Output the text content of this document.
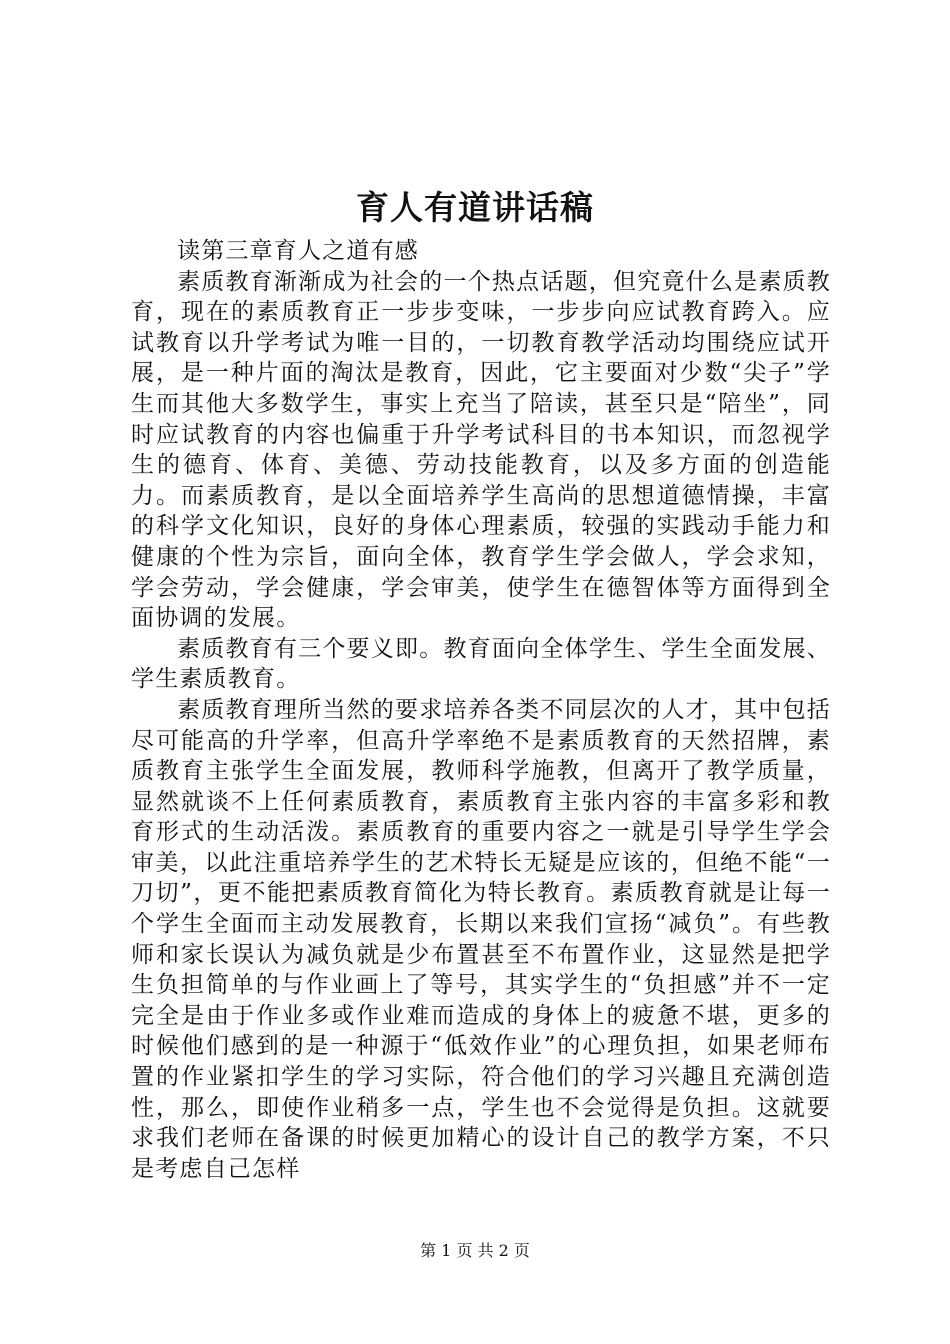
育人有道讲话稿

读第三章育人之道有感

素质教育渐渐成为社会的一个热点话题，但究竟什么是素质教育，现在的素质教育正一步步变味，一步步向应试教育跨入。应试教育以升学考试为唯一目的，一切教育教学活动均围绕应试开展，是一种片面的淘汰是教育，因此，它主要面对少数“尖子”学生而其他大多数学生，事实上充当了陪读，甚至只是“陪坐”，同时应试教育的内容也偏重于升学考试科目的书本知识，而忽视学生的德育、体育、美德、劳动技能教育，以及多方面的创造能力。而素质教育，是以全面培养学生高尚的思想道德情操，丰富的科学文化知识，良好的身体心理素质，较强的实践动手能力和健康的个性为宗旨，面向全体，教育学生学会做人，学会求知，学会劳动，学会健康，学会审美，使学生在德智体等方面得到全面协调的发展。

素质教育有三个要义即。教育面向全体学生、学生全面发展、学生素质教育。

素质教育理所当然的要求培养各类不同层次的人才，其中包括尽可能高的升学率，但高升学率绝不是素质教育的天然招牌，素质教育主张学生全面发展，教师科学施教，但离开了教学质量，显然就谈不上任何素质教育，素质教育主张内容的丰富多彩和教育形式的生动活泼。素质教育的重要内容之一就是引导学生学会审美，以此注重培养学生的艺术特长无疑是应该的，但绝不能“一刀切”，更不能把素质教育简化为特长教育。素质教育就是让每一个学生全面而主动发展教育，长期以来我们宣扬“减负”。有些教师和家长误认为减负就是少布置甚至不布置作业，这显然是把学生负担简单的与作业画上了等号，其实学生的“负担感”并不一定完全是由于作业多或作业难而造成的身体上的疲惫不堪，更多的时候他们感到的是一种源于“低效作业”的心理负担，如果老师布置的作业紧扣学生的学习实际，符合他们的学习兴趣且充满创造性，那么，即使作业稍多一点，学生也不会觉得是负担。这就要求我们老师在备课的时候更加精心的设计自己的教学方案，不只是考虑自己怎样

第 1 页 共 2 页
